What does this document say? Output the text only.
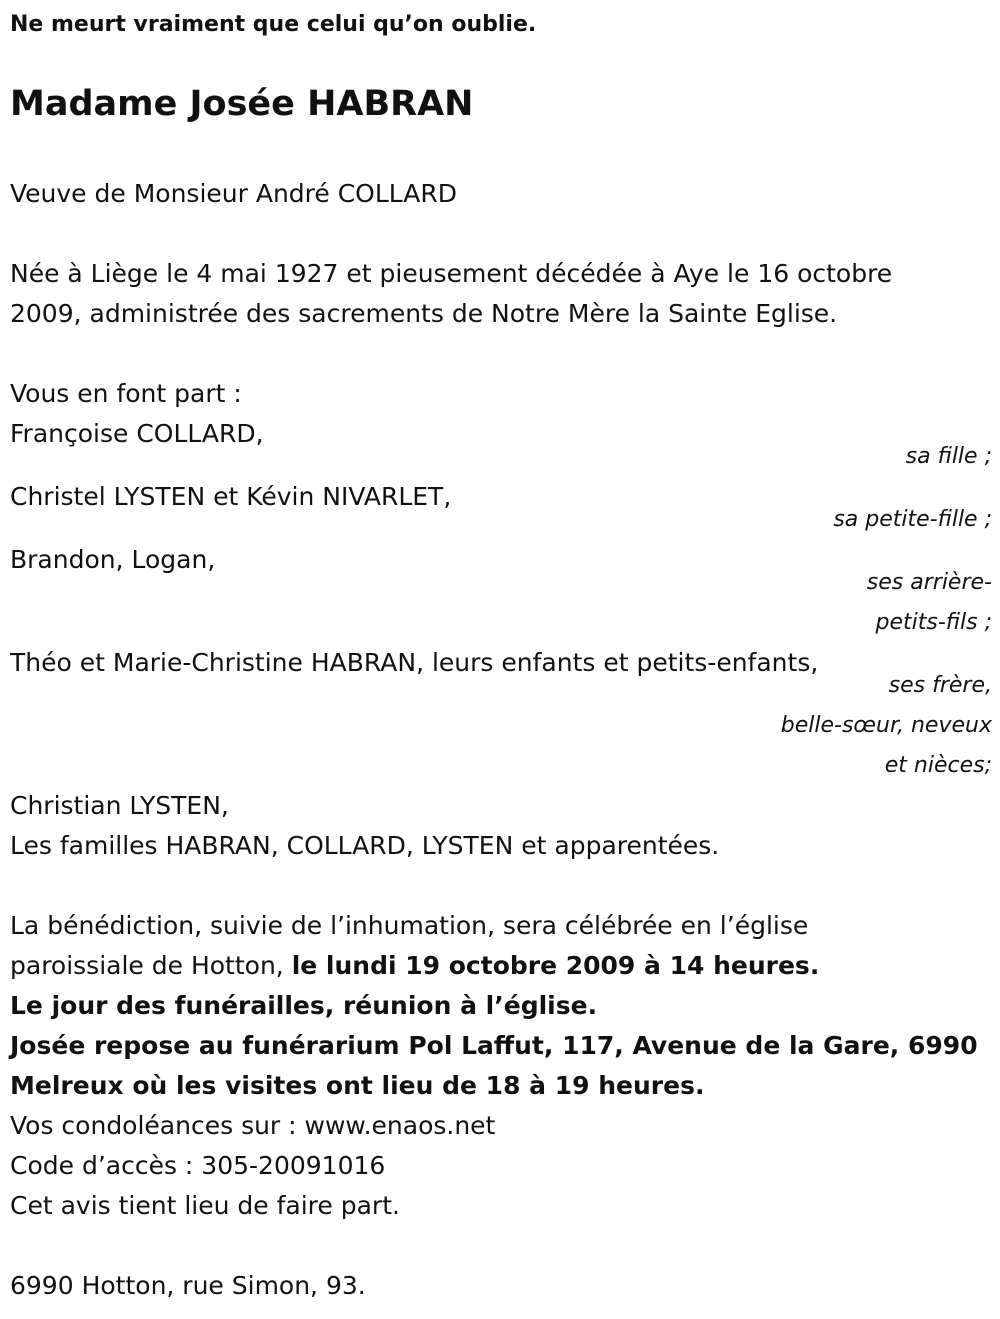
Ne meurt vraiment que celui qu’on oublie.
Madame Josée HABRAN
Veuve de Monsieur André COLLARD
Née à Liège le 4 mai 1927 et pieusement décédée à Aye le 16 octobre
2009, administrée des sacrements de Notre Mère la Sainte Eglise.
Vous en font part :
Françoise COLLARD,
sa fille ;
Christel LYSTEN et Kévin NIVARLET,
sa petite-fille ;
Brandon, Logan,
ses arrière-
petits-fils ;
Théo et Marie-Christine HABRAN, leurs enfants et petits-enfants,
ses frère,
belle-sœur, neveux
et nièces;
Christian LYSTEN,
Les familles HABRAN, COLLARD, LYSTEN et apparentées.
La bénédiction, suivie de l’inhumation, sera célébrée en l’église
paroissiale de Hotton, le lundi 19 octobre 2009 à 14 heures.
Le jour des funérailles, réunion à l’église.
Josée repose au funérarium Pol Laffut, 117, Avenue de la Gare, 6990
Melreux où les visites ont lieu de 18 à 19 heures.
Vos condoléances sur : www.enaos.net
Code d’accès : 305-20091016
Cet avis tient lieu de faire part.
6990 Hotton, rue Simon, 93.
